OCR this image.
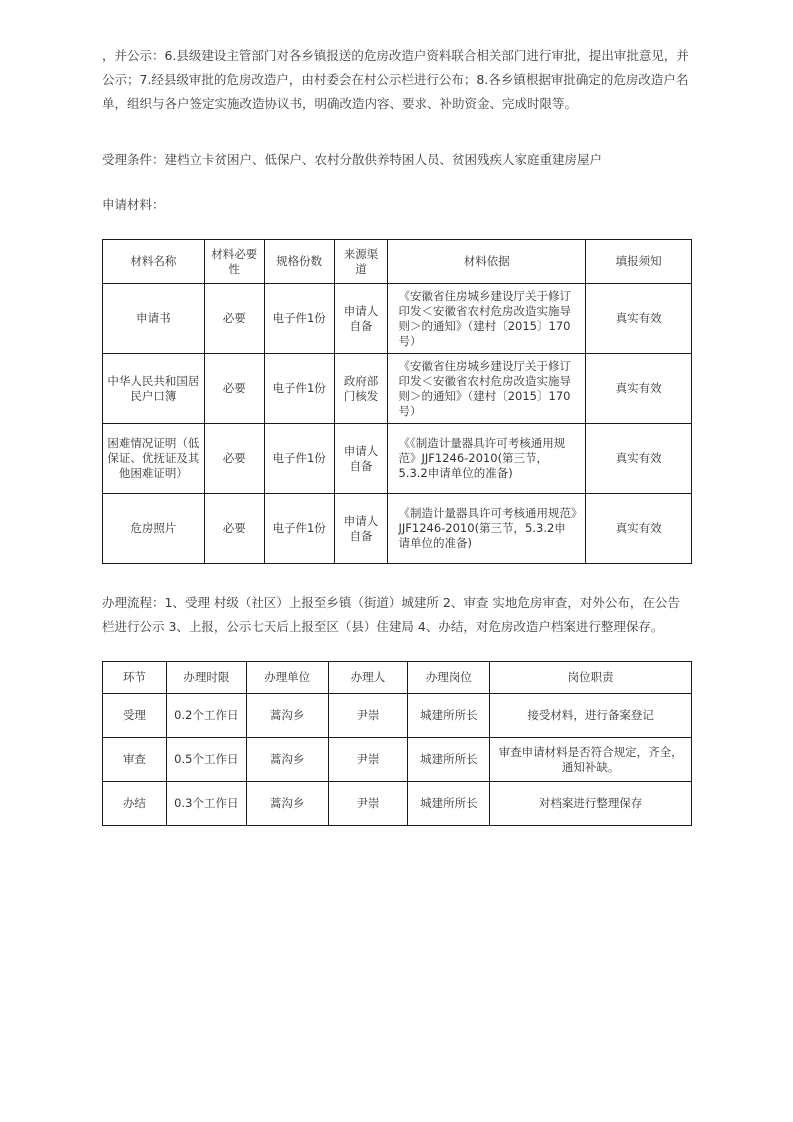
，并公示：6.县级建设主管部门对各乡镇报送的危房改造户资料联合相关部门进行审批，提出审批意见，并公示；7.经县级审批的危房改造户，由村委会在村公示栏进行公布；8.各乡镇根据审批确定的危房改造户名单，组织与各户签定实施改造协议书，明确改造内容、要求、补助资金、完成时限等。
受理条件：建档立卡贫困户、低保户、农村分散供养特困人员、贫困残疾人家庭重建房屋户
申请材料：
材料名称	材料必要性	规格份数	来源渠道	材料依据	填报须知
申请书	必要	电子件1份	申请人自备	《安徽省住房城乡建设厅关于修订印发＜安徽省农村危房改造实施导则＞的通知》（建村〔2015〕170号）	真实有效
中华人民共和国居民户口簿	必要	电子件1份	政府部门核发	《安徽省住房城乡建设厅关于修订印发＜安徽省农村危房改造实施导则＞的通知》（建村〔2015〕170号）	真实有效
困难情况证明（低保证、优抚证及其他困难证明）	必要	电子件1份	申请人自备	《《制造计量器具许可考核通用规范》JJF1246-2010(第三节，5.3.2申请单位的准备)	真实有效
危房照片	必要	电子件1份	申请人自备	《制造计量器具许可考核通用规范》JJF1246-2010(第三节，5.3.2申请单位的准备)	真实有效
办理流程：1、受理 村级（社区）上报至乡镇（街道）城建所 2、审查 实地危房审查，对外公布，在公告栏进行公示 3、上报，公示七天后上报至区（县）住建局 4、办结，对危房改造户档案进行整理保存。
环节	办理时限	办理单位	办理人	办理岗位	岗位职责
受理	0.2个工作日	蒿沟乡	尹崇	城建所所长	接受材料，进行备案登记
审查	0.5个工作日	蒿沟乡	尹崇	城建所所长	审查申请材料是否符合规定，齐全，通知补缺。
办结	0.3个工作日	蒿沟乡	尹崇	城建所所长	对档案进行整理保存
